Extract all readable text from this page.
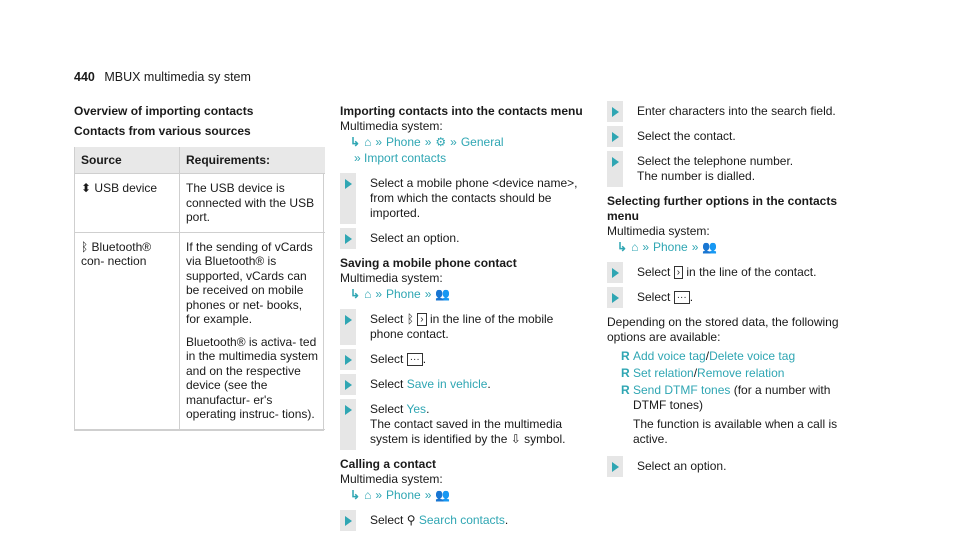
440 MBUX multimedia sy stem
Overview of importing contacts
Contacts from various sources
Source	Requirements:
⬍ USB device	The USB device is connected with the USB port.

ᛒ Bluetooth® con- nection	If the sending of vCards via Bluetooth® is supported, vCards can be received on mobile phones or net- books, for example.
Bluetooth® is activa- ted in the multimedia system and on the respective device (see the manufactur- er's operating instruc- tions).
Importing contacts into the contacts menu
Multimedia system:
↳ ⌂ » Phone » ⚙ » General
» Import contacts
Select a mobile phone <device name>, from which the contacts should be imported.
Select an option.
Saving a mobile phone contact
Multimedia system:
↳ ⌂ » Phone » 👥
Select ᛒ › in the line of the mobile phone contact.
Select ··· .
Select Save in vehicle.
Select Yes.
The contact saved in the multimedia system is identified by the ⇩ symbol.
Calling a contact
Multimedia system:
↳ ⌂ » Phone » 👥
Select ⚲ Search contacts.
Enter characters into the search field.
Select the contact.
Select the telephone number.
The number is dialled.
Selecting further options in the contacts menu
Multimedia system:
↳ ⌂ » Phone » 👥
Select › in the line of the contact.
Select ··· .
Depending on the stored data, the following options are available:
R Add voice tag/Delete voice tag
R Set relation/Remove relation
R Send DTMF tones (for a number with DTMF tones)
The function is available when a call is active.
Select an option.
